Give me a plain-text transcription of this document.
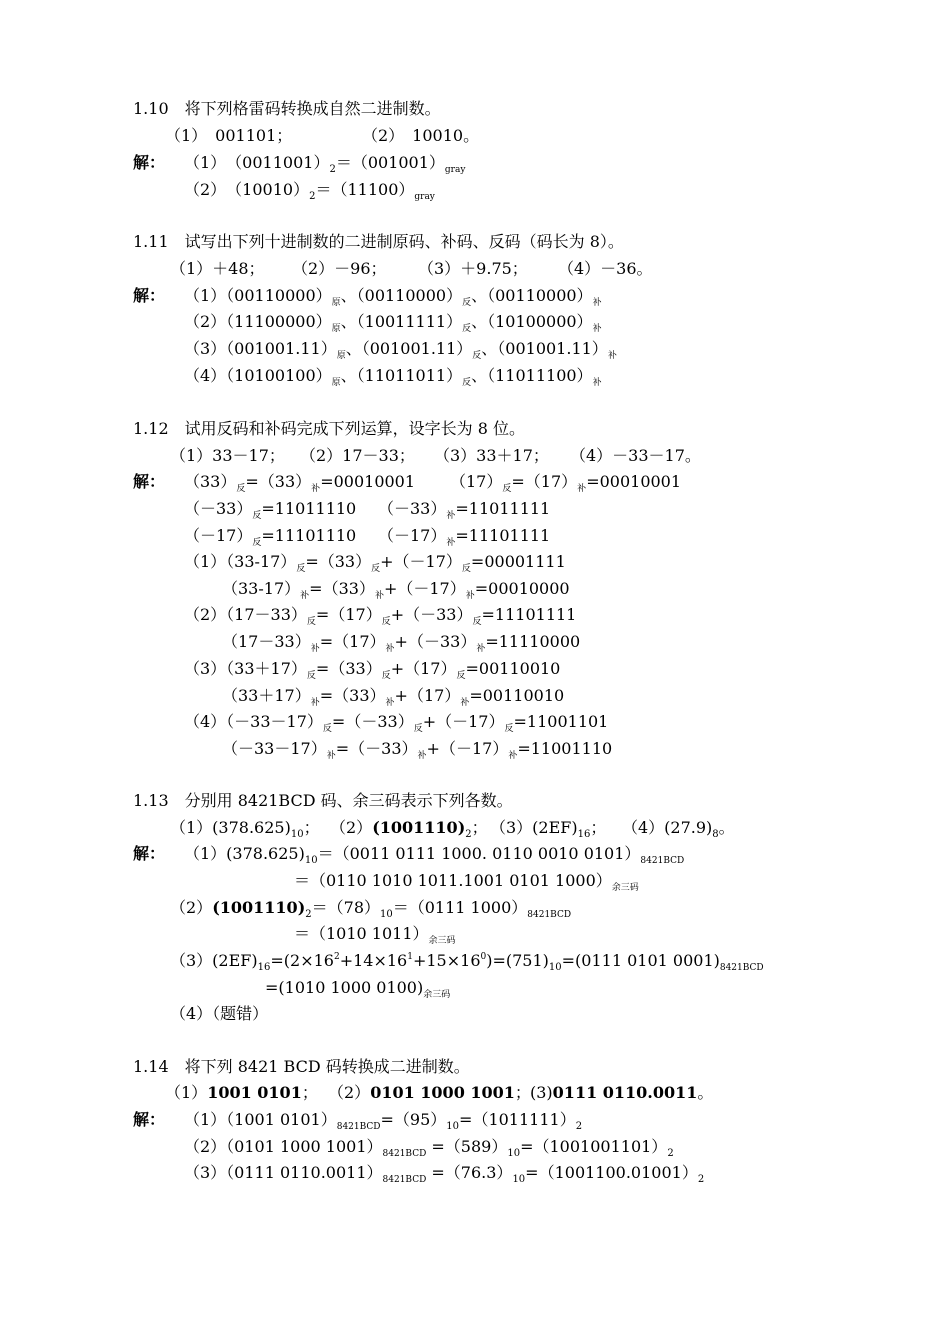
1.10　将下列格雷码转换成自然二进制数。
（1）　001101；	（2）　10010。
解： （1）　$(0011001)_2=(001001)_{gray}$
（2）　$(10010)_2=(11100)_{gray}$
1.11　试写出下列十进制数的二进制原码、补码、反码（码长为 8）。
（1）＋48； （2）－96； （3）＋9.75； （4）－36。
解： $(1)(00110000)_原$、$(00110000)_反$、$(00110000)_补$
$(2)(11100000)_原$、$(10011111)_反$、$(10100000)_补$
$(3)(001001.11)_原$、$(001001.11)_反$、$(001001.11)_补$
$(4)(10100100)_原$、$(11011011)_反$、$(11011100)_补$
1.12　试用反码和补码完成下列运算，设字长为 8 位。
（1）33－17； （2）17－33； （3）33＋17； （4）－33－17。
解： $(33)_反=(33)_补=00010001$ $(17)_反=(17)_补=00010001$
$(-33)_反=11011110$ $(-33)_补=11011111$
$(-17)_反=11101110$ $(-17)_补=11101111$
$(1)(33-17)_反=(33)_反+(-17)_反=00001111$
$(33-17)_补=(33)_补+(-17)_补=00010000$
$(2)(17-33)_反=(17)_反+(-33)_反=11101111$
$(17-33)_补=(17)_补+(-33)_补=11110000$
$(3)(33+17)_反=(33)_反+(17)_反=00110010$
$(33+17)_补=(33)_补+(17)_补=00110010$
$(4)(-33-17)_反=(-33)_反+(-17)_反=11001101$
$(-33-17)_补=(-33)_补+(-17)_补=11001110$
1.13　分别用 8421BCD 码、余三码表示下列各数。
$(1)(378.625)_{10}$； $(2)(1001110)_2$； $(3)(2EF)_{16}$； $(4)(27.9)_8$。
解： $(1)(378.625)_{10}=(0011$ 0111 1000. 0110 0010 $0101)_{8421BCD}$
＝（0110 1010 1011.1001 0101 $1000)_{余三码}$
$(2)(1001110)_2=(78)_{10}=(0111$ $1000)_{8421BCD}$
＝（1010 $1011)_{余三码}$
$(3)(2EF)_{16}=(2\times 16^2+14\times 16^1+15\times 16^0)=(751)_{10}=(0111$ 0101 $0001)_{8421BCD}$
=(1010 1000 $0100)_{余三码}$
（4）（题错）
1.14　将下列 8421 BCD 码转换成二进制数。
（1）1001 0101； （2）0101 1000 1001； (3)0111 0110.0011。
解： （1）（1001 $0101)_{8421BCD}=(95)_{10}=(1011111)_2$
（2）（0101 1000 $1001)_{8421BCD} =(589)_{10}=(1001001101)_2$
（3）（0111 $0110.0011)_{8421BCD} =(76.3)_{10}=(1001100.01001)_2$
